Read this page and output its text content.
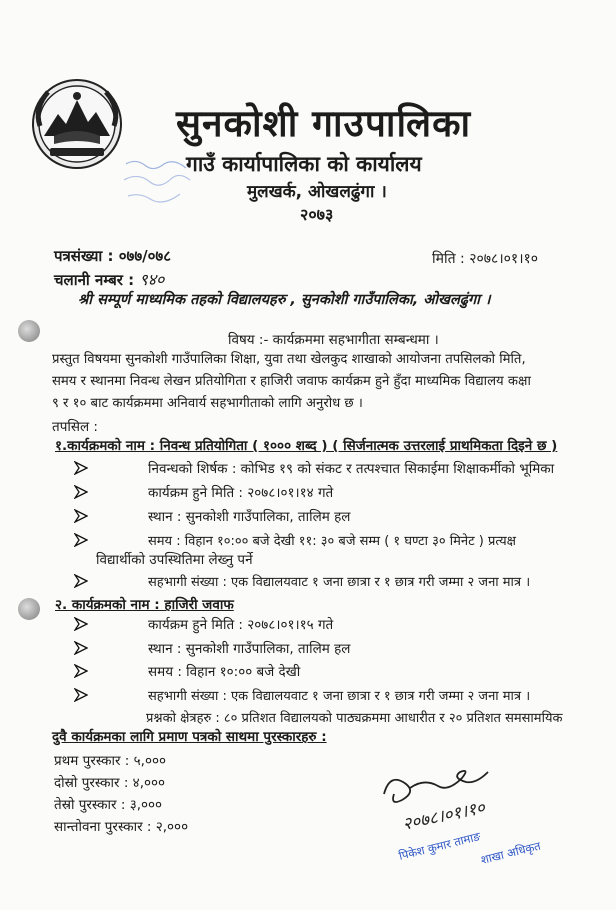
सुनकोशी गाउपालिका
गाउँ कार्यापालिका को कार्यालय
मुलखर्क, ओखलढुंगा ।
२०७३
पत्रसंख्या : ०७७/०७८	मिति : २०७८।०१।१०
चलानी नम्बर : ९४०
श्री सम्पूर्ण माध्यमिक तहको विद्यालयहरु , सुनकोशी गाउँपालिका, ओखलढुंगा ।
विषय :- कार्यक्रममा सहभागीता सम्बन्धमा ।
प्रस्तुत विषयमा सुनकोशी गाउँपालिका शिक्षा, युवा तथा खेलकुद शाखाको आयोजना तपसिलको मिति,
समय र स्थानमा निवन्ध लेखन प्रतियोगिता र हाजिरी जवाफ कार्यक्रम हुने हुँदा माध्यमिक विद्यालय कक्षा
९ र १० बाट कार्यक्रममा अनिवार्य सहभागीताको लागि अनुरोध छ ।
तपसिल :
१.कार्यक्रमको नाम : निवन्ध प्रतियोगिता ( १००० शब्द ) ( सिर्जनात्मक उत्तरलाई प्राथमिकता दिइने छ )
निवन्धको शिर्षक : कोभिड १९ को संकट र तत्पश्चात सिकाईमा शिक्षाकर्मीको भूमिका
कार्यक्रम हुने मिति : २०७८।०१।१४ गते
स्थान : सुनकोशी गाउँपालिका, तालिम हल
समय : विहान १०:०० बजे देखी ११: ३० बजे सम्म ( १ घण्टा ३० मिनेट ) प्रत्यक्ष
विद्यार्थीको उपस्थितिमा लेख्नु पर्ने
सहभागी संख्या : एक विद्यालयवाट १ जना छात्रा र १ छात्र गरी जम्मा २ जना मात्र ।
२. कार्यक्रमको नाम : हाजिरी जवाफ
कार्यक्रम हुने मिति : २०७८।०१।१५ गते
स्थान : सुनकोशी गाउँपालिका, तालिम हल
समय : विहान १०:०० बजे देखी
सहभागी संख्या : एक विद्यालयवाट १ जना छात्रा र १ छात्र गरी जम्मा २ जना मात्र ।
प्रश्नको क्षेत्रहरु : ८० प्रतिशत विद्यालयको पाठ्यक्रममा आधारीत र २० प्रतिशत समसामयिक
दुवै कार्यक्रमका लागि प्रमाण पत्रको साथमा पुरस्कारहरु :
प्रथम पुरस्कार : ५,०००
दोस्रो पुरस्कार : ४,०००
तेस्रो पुरस्कार : ३,०००
सान्तोवना पुरस्कार : २,०००	२०७८।०१।१०
पिकेश कुमार तामाङ
शाखा अधिकृत
